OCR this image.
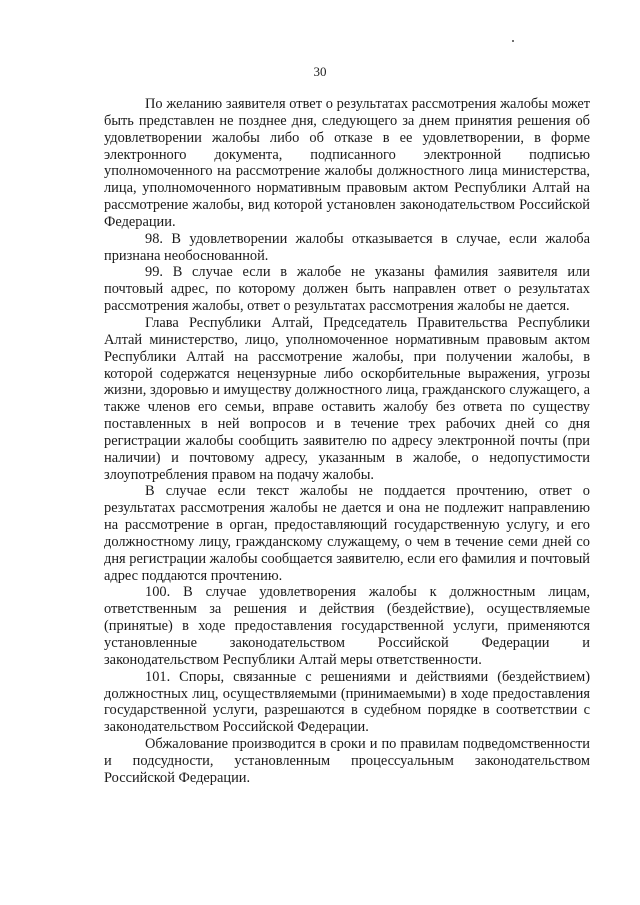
30

По желанию заявителя ответ о результатах рассмотрения жалобы может быть представлен не позднее дня, следующего за днем принятия решения об удовлетворении жалобы либо об отказе в ее удовлетворении, в форме электронного документа, подписанного электронной подписью уполномоченного на рассмотрение жалобы должностного лица министерства, лица, уполномоченного нормативным правовым актом Республики Алтай на рассмотрение жалобы, вид которой установлен законодательством Российской Федерации.

98. В удовлетворении жалобы отказывается в случае, если жалоба признана необоснованной.

99. В случае если в жалобе не указаны фамилия заявителя или почтовый адрес, по которому должен быть направлен ответ о результатах рассмотрения жалобы, ответ о результатах рассмотрения жалобы не дается.

Глава Республики Алтай, Председатель Правительства Республики Алтай министерство, лицо, уполномоченное нормативным правовым актом Республики Алтай на рассмотрение жалобы, при получении жалобы, в которой содержатся нецензурные либо оскорбительные выражения, угрозы жизни, здоровью и имуществу должностного лица, гражданского служащего, а также членов его семьи, вправе оставить жалобу без ответа по существу поставленных в ней вопросов и в течение трех рабочих дней со дня регистрации жалобы сообщить заявителю по адресу электронной почты (при наличии) и почтовому адресу, указанным в жалобе, о недопустимости злоупотребления правом на подачу жалобы.

В случае если текст жалобы не поддается прочтению, ответ о результатах рассмотрения жалобы не дается и она не подлежит направлению на рассмотрение в орган, предоставляющий государственную услугу, и его должностному лицу, гражданскому служащему, о чем в течение семи дней со дня регистрации жалобы сообщается заявителю, если его фамилия и почтовый адрес поддаются прочтению.

100. В случае удовлетворения жалобы к должностным лицам, ответственным за решения и действия (бездействие), осуществляемые (принятые) в ходе предоставления государственной услуги, применяются установленные законодательством Российской Федерации и законодательством Республики Алтай меры ответственности.

101. Споры, связанные с решениями и действиями (бездействием) должностных лиц, осуществляемыми (принимаемыми) в ходе предоставления государственной услуги, разрешаются в судебном порядке в соответствии с законодательством Российской Федерации.

Обжалование производится в сроки и по правилам подведомственности и подсудности, установленным процессуальным законодательством Российской Федерации.
